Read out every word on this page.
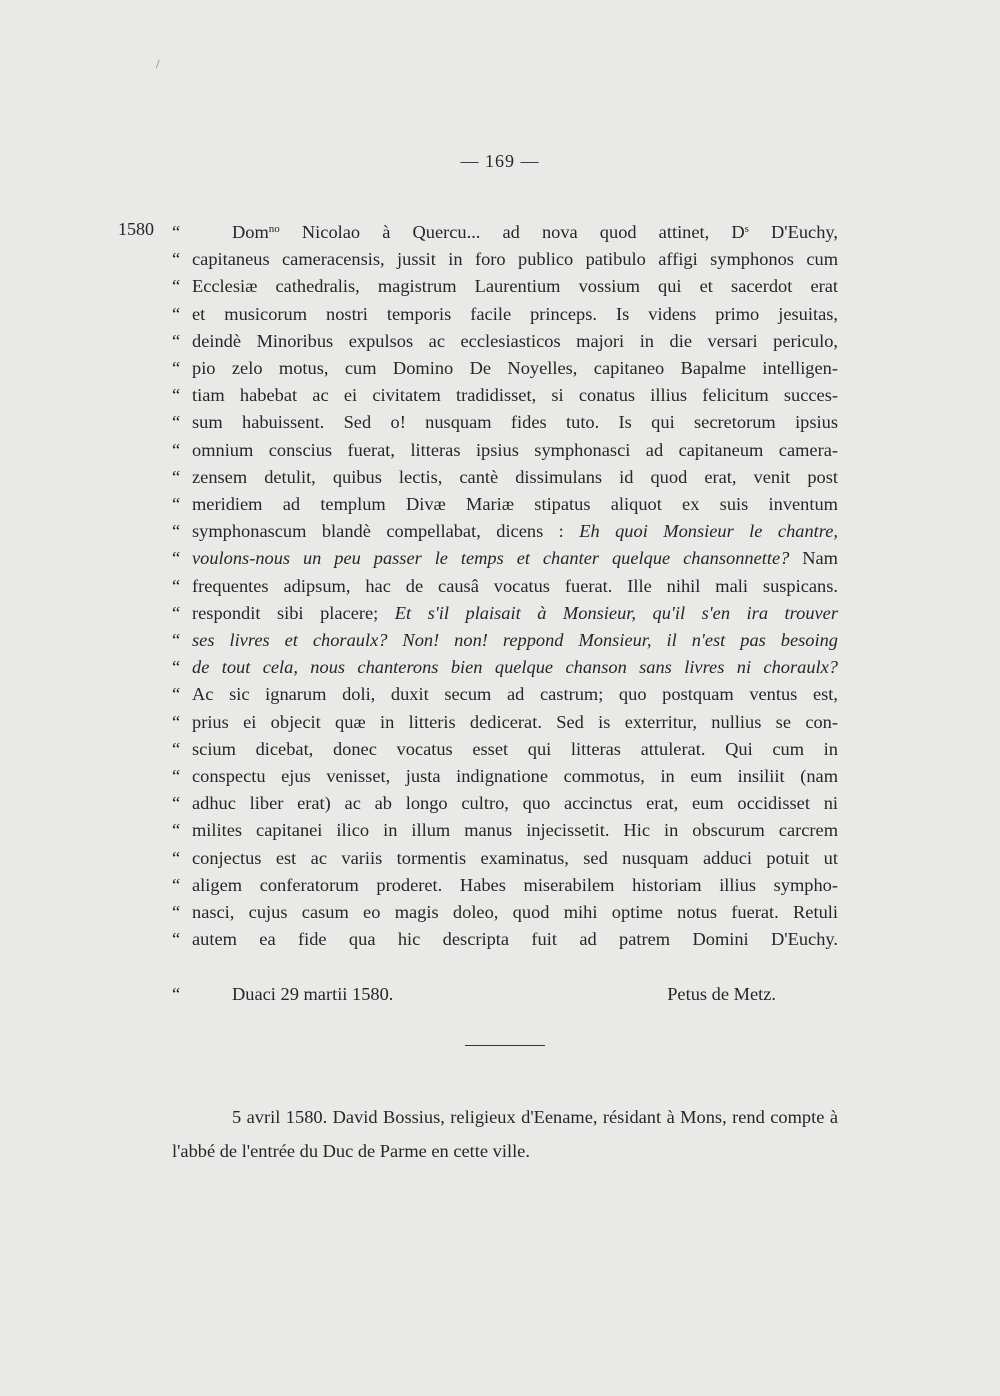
/
— 169 —
1580 “	Dom$^{no}$ Nicolao à Quercu... ad nova quod attinet, $D^s$ D'Euchy,
“ capitaneus cameracensis, jussit in foro publico patibulo affigi symphonos cum
“ Ecclesiæ cathedralis, magistrum Laurentium vossium qui et sacerdot erat
“ et musicorum nostri temporis facile princeps. Is videns primo jesuitas,
“ deindè Minoribus expulsos ac ecclesiasticos majori in die versari periculo,
“ pio zelo motus, cum Domino De Noyelles, capitaneo Bapalme intelligen-
“ tiam habebat ac ei civitatem tradidisset, si conatus illius felicitum succes-
“ sum habuissent. Sed o! nusquam fides tuto. Is qui secretorum ipsius
“ omnium conscius fuerat, litteras ipsius symphonasci ad capitaneum camera-
“ zensem detulit, quibus lectis, cantè dissimulans id quod erat, venit post
“ meridiem ad templum Divæ Mariæ stipatus aliquot ex suis inventum
“ symphonascum blandè compellabat, dicens : Eh quoi Monsieur le chantre,
“ voulons-nous un peu passer le temps et chanter quelque chansonnette? Nam
“ frequentes adipsum, hac de causâ vocatus fuerat. Ille nihil mali suspicans.
“ respondit sibi placere; Et s'il plaisait à Monsieur, qu'il s'en ira trouver
“ ses livres et choraulx? Non! non! reppond Monsieur, il n'est pas besoing
“ de tout cela, nous chanterons bien quelque chanson sans livres ni choraulx?
“ Ac sic ignarum doli, duxit secum ad castrum; quo postquam ventus est,
“ prius ei objecit quæ in litteris dedicerat. Sed is exterritur, nullius se con-
“ scium dicebat, donec vocatus esset qui litteras attulerat. Qui cum in
“ conspectu ejus venisset, justa indignatione commotus, in eum insiliit (nam
“ adhuc liber erat) ac ab longo cultro, quo accinctus erat, eum occidisset ni
“ milites capitanei ilico in illum manus injecissetit. Hic in obscurum carcrem
“ conjectus est ac variis tormentis examinatus, sed nusquam adduci potuit ut
“ aligem conferatorum proderet. Habes miserabilem historiam illius sympho-
“ nasci, cujus casum eo magis doleo, quod mihi optime notus fuerat. Retuli
“ autem ea fide qua hic descripta fuit ad patrem Domini D'Euchy.
“	Duaci 29 martii 1580.	Petus de Metz.
5 avril 1580. David Bossius, religieux d'Eename, résidant à Mons, rend compte à l'abbé de l'entrée du Duc de Parme en cette ville.
